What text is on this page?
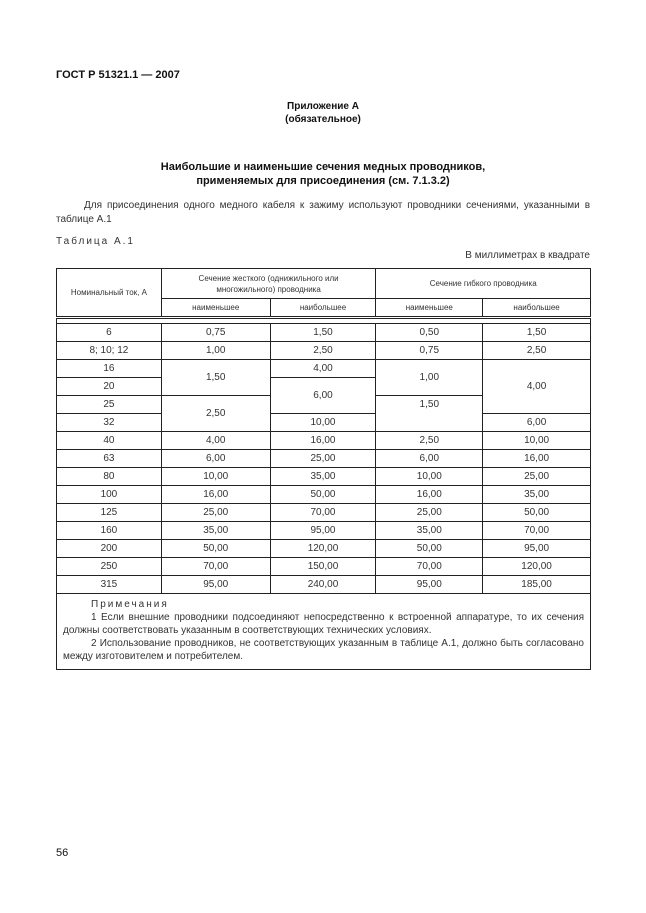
ГОСТ Р 51321.1 — 2007
Приложение А
(обязательное)
Наибольшие и наименьшие сечения медных проводников,
применяемых для присоединения (см. 7.1.3.2)
Для присоединения одного медного кабеля к зажиму используют проводники сечениями, указанными в таблице А.1
Таблица А.1
В миллиметрах в квадрате
Номинальный ток, А	Сечение жесткого (однижильного или многожильного) проводника		Сечение гибкого проводника	
	наименьшее	наибольшее	наименьшее	наибольшее

6	0,75	1,50	0,50	1,50
8; 10; 12	1,00	2,50	0,75	2,50
16	1,50	4,00	1,00	4,00
20		6,00		
25	2,50		1,50	
32		10,00		6,00
40	4,00	16,00	2,50	10,00
63	6,00	25,00	6,00	16,00
80	10,00	35,00	10,00	25,00
100	16,00	50,00	16,00	35,00
125	25,00	70,00	25,00	50,00
160	35,00	95,00	35,00	70,00
200	50,00	120,00	50,00	95,00
250	70,00	150,00	70,00	120,00
315	95,00	240,00	95,00	185,00

Примечания

1 Если внешние проводники подсоединяют непосредственно к встроенной аппаратуре, то их сечения должны соответствовать указанным в соответствующих технических условиях.

2 Использование проводников, не соответствующих указанным в таблице А.1, должно быть согласовано между изготовителем и потребителем.				

56
